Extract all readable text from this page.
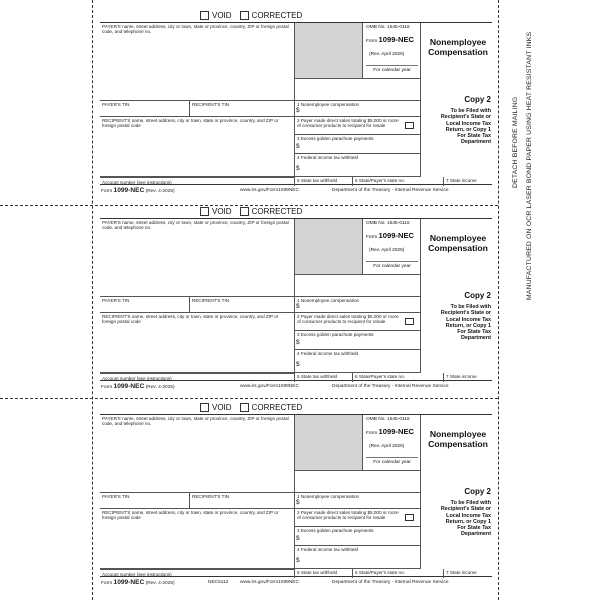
DETACH BEFORE MAILING MANUFACTURED ON OCR LASER BOND PAPER USING HEAT RESISTANT INKS
VOID	CORRECTED
PAYER'S name, street address, city or town, state or province, country, ZIP or foreign postal code, and telephone no.
OMB No. 1545-0116
Form 1099-NEC
(Rev. April 2025)
For calendar year
Nonemployee
Compensation
PAYER'S TIN	RECIPIENT'S TIN	1 Nonemployee compensation
$
RECIPIENT'S name, street address, city or town, state or province, country, and ZIP or foreign postal code
2 Payer made direct sales totaling $5,000 or more of consumer products to recipient for resale
3 Excess golden parachute payments
$
4 Federal income tax withheld
$
Copy 2
To be Filed with
Recipient's State or
Local Income Tax
Return, or Copy 1
For State Tax
Department
Account number (see instructions)	5 State tax withheld	6 State/Payer's state no.	7 State income
Form 1099-NEC (Rev. 4-2025)	www.irs.gov/Form1099NEC	Department of the Treasury - Internal Revenue Service
VOID	CORRECTED
PAYER'S name, street address, city or town, state or province, country, ZIP or foreign postal code, and telephone no.
OMB No. 1545-0116
Form 1099-NEC
(Rev. April 2025)
For calendar year
Nonemployee
Compensation
PAYER'S TIN	RECIPIENT'S TIN	1 Nonemployee compensation
$
RECIPIENT'S name, street address, city or town, state or province, country, and ZIP or foreign postal code
2 Payer made direct sales totaling $5,000 or more of consumer products to recipient for resale
3 Excess golden parachute payments
$
4 Federal income tax withheld
$
Copy 2
To be Filed with
Recipient's State or
Local Income Tax
Return, or Copy 1
For State Tax
Department
Account number (see instructions)	5 State tax withheld	6 State/Payer's state no.	7 State income
Form 1099-NEC (Rev. 4-2025)	www.irs.gov/Form1099NEC	Department of the Treasury - Internal Revenue Service
VOID	CORRECTED
PAYER'S name, street address, city or town, state or province, country, ZIP or foreign postal code, and telephone no.
OMB No. 1545-0116
Form 1099-NEC
(Rev. April 2025)
For calendar year
Nonemployee
Compensation
PAYER'S TIN	RECIPIENT'S TIN	1 Nonemployee compensation
$
RECIPIENT'S name, street address, city or town, state or province, country, and ZIP or foreign postal code
2 Payer made direct sales totaling $5,000 or more of consumer products to recipient for resale
3 Excess golden parachute payments
$
4 Federal income tax withheld
$
Copy 2
To be Filed with
Recipient's State or
Local Income Tax
Return, or Copy 1
For State Tax
Department
Account number (see instructions)	5 State tax withheld	6 State/Payer's state no.	7 State income
Form 1099-NEC (Rev. 4-2025)	NEC5112 www.irs.gov/Form1099NEC	Department of the Treasury - Internal Revenue Service
